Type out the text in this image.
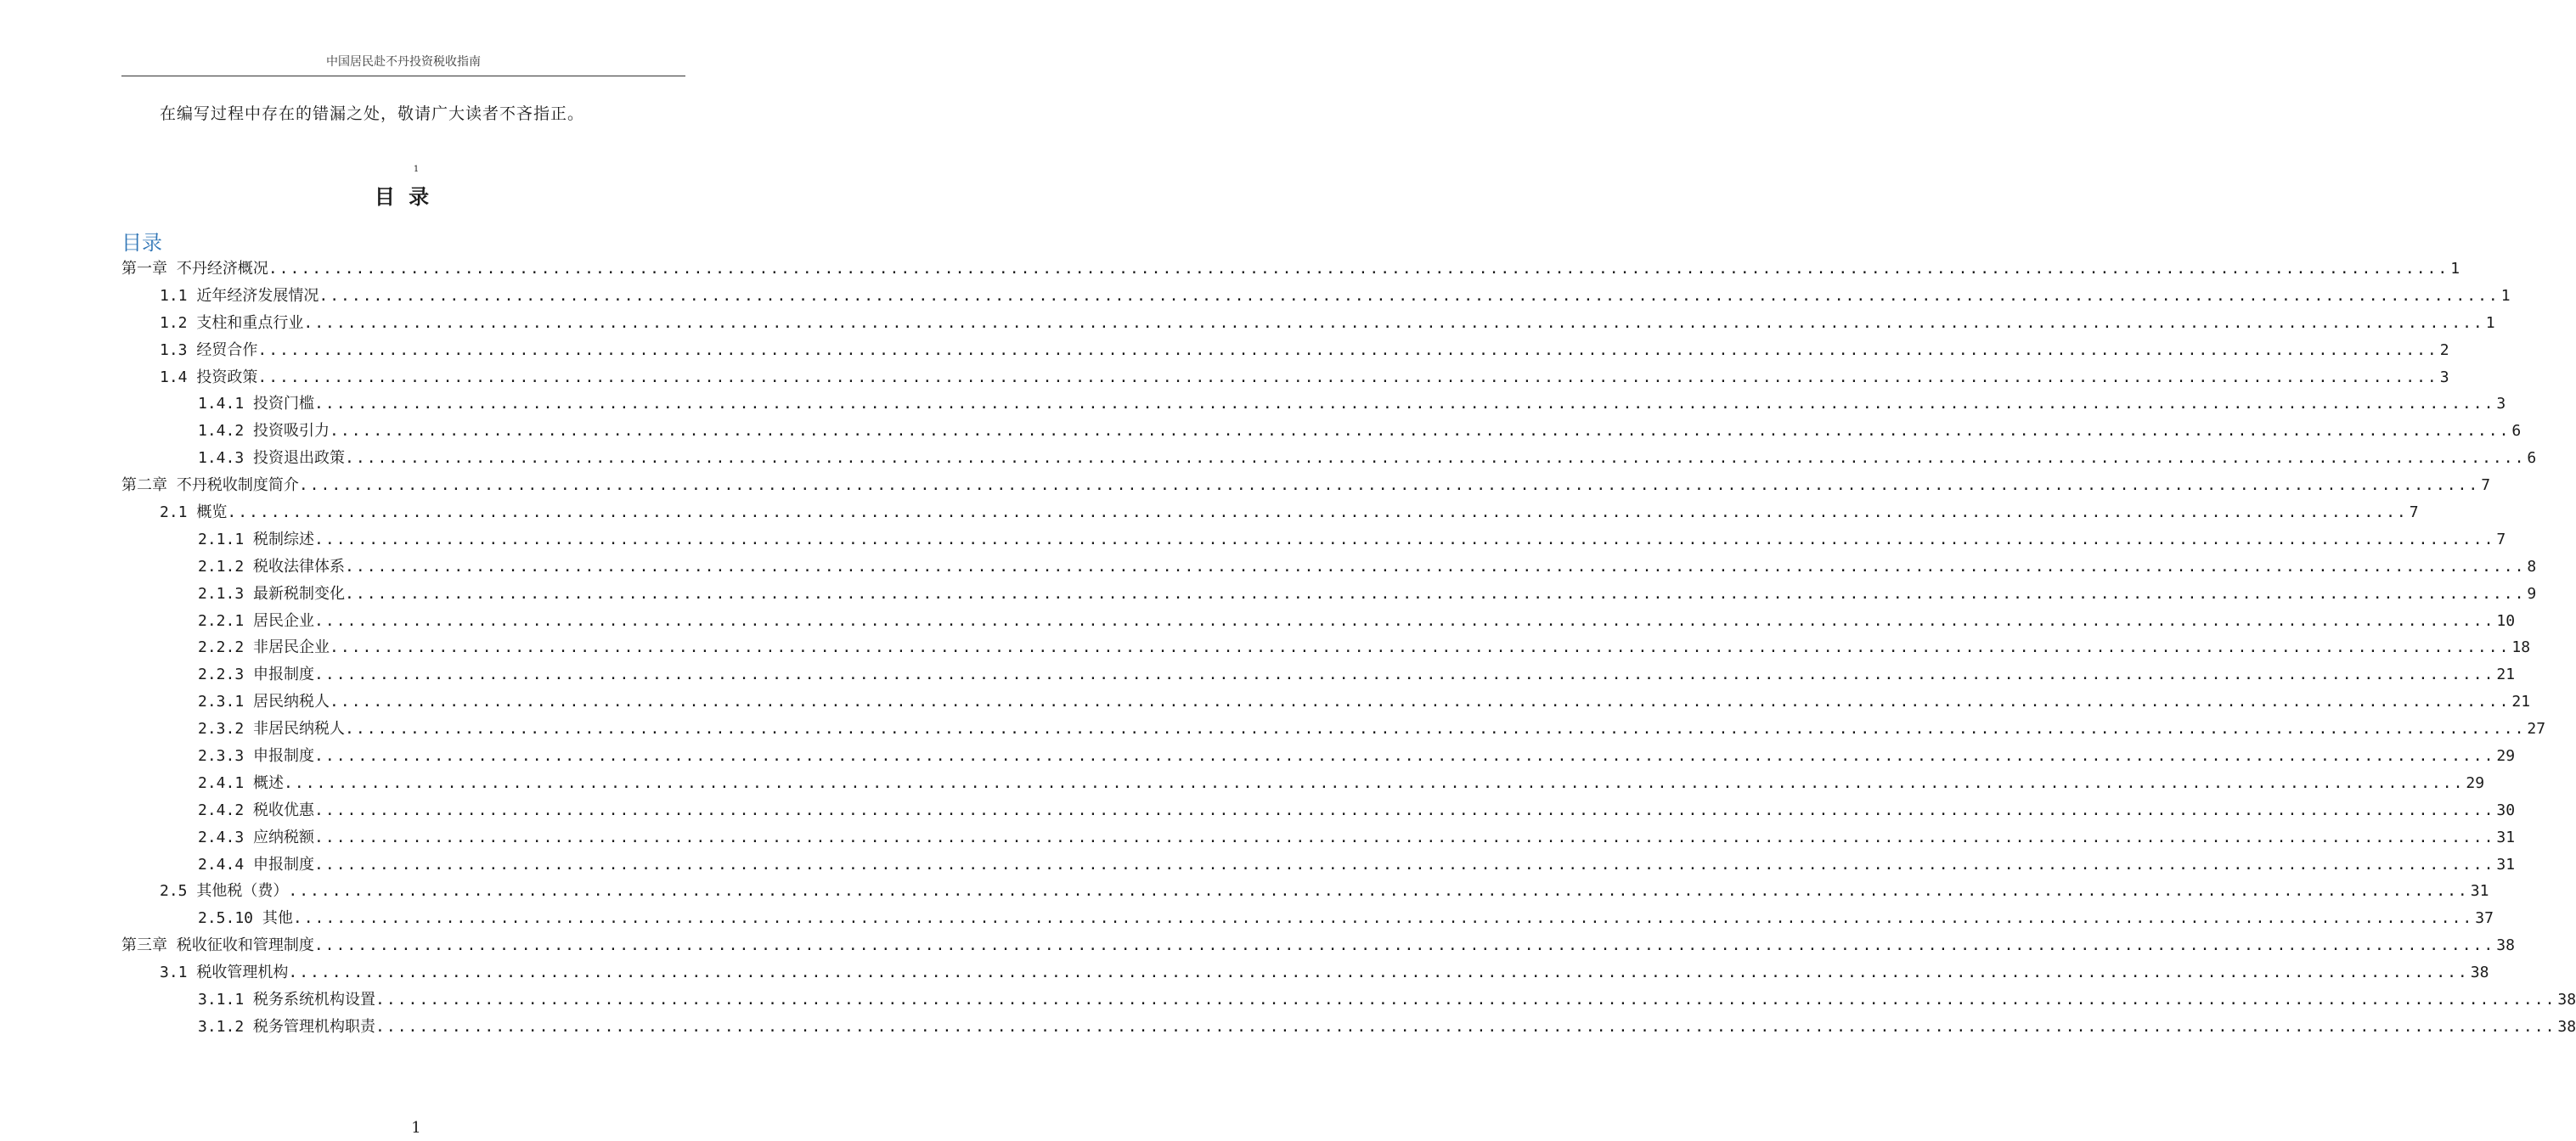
中国居民赴不丹投资税收指南
在编写过程中存在的错漏之处，敬请广大读者不吝指正。
1
目 录
目录
第一章 不丹经济概况 ........................................................................................................................................................................................................ 1
1.1 近年经济发展情况 ........................................................................................................................................................................................................ 1
1.2 支柱和重点行业 ........................................................................................................................................................................................................ 1
1.3 经贸合作 ........................................................................................................................................................................................................ 2
1.4 投资政策 ........................................................................................................................................................................................................ 3
1.4.1 投资门槛 ........................................................................................................................................................................................................ 3
1.4.2 投资吸引力 ........................................................................................................................................................................................................ 6
1.4.3 投资退出政策 ........................................................................................................................................................................................................ 6
第二章 不丹税收制度简介 ........................................................................................................................................................................................................ 7
2.1 概览 ........................................................................................................................................................................................................ 7
2.1.1 税制综述 ........................................................................................................................................................................................................ 7
2.1.2 税收法律体系 ........................................................................................................................................................................................................ 8
2.1.3 最新税制变化 ........................................................................................................................................................................................................ 9
2.2.1 居民企业 ........................................................................................................................................................................................................ 10
2.2.2 非居民企业 ........................................................................................................................................................................................................ 18
2.2.3 申报制度 ........................................................................................................................................................................................................ 21
2.3.1 居民纳税人 ........................................................................................................................................................................................................ 21
2.3.2 非居民纳税人 ........................................................................................................................................................................................................ 27
2.3.3 申报制度 ........................................................................................................................................................................................................ 29
2.4.1 概述 ........................................................................................................................................................................................................ 29
2.4.2 税收优惠 ........................................................................................................................................................................................................ 30
2.4.3 应纳税额 ........................................................................................................................................................................................................ 31
2.4.4 申报制度 ........................................................................................................................................................................................................ 31
2.5 其他税（费） ........................................................................................................................................................................................................ 31
2.5.10 其他 ........................................................................................................................................................................................................ 37
第三章 税收征收和管理制度 ........................................................................................................................................................................................................ 38
3.1 税收管理机构 ........................................................................................................................................................................................................ 38
3.1.1 税务系统机构设置 ........................................................................................................................................................................................................ 38
3.1.2 税务管理机构职责 ........................................................................................................................................................................................................ 38
1
